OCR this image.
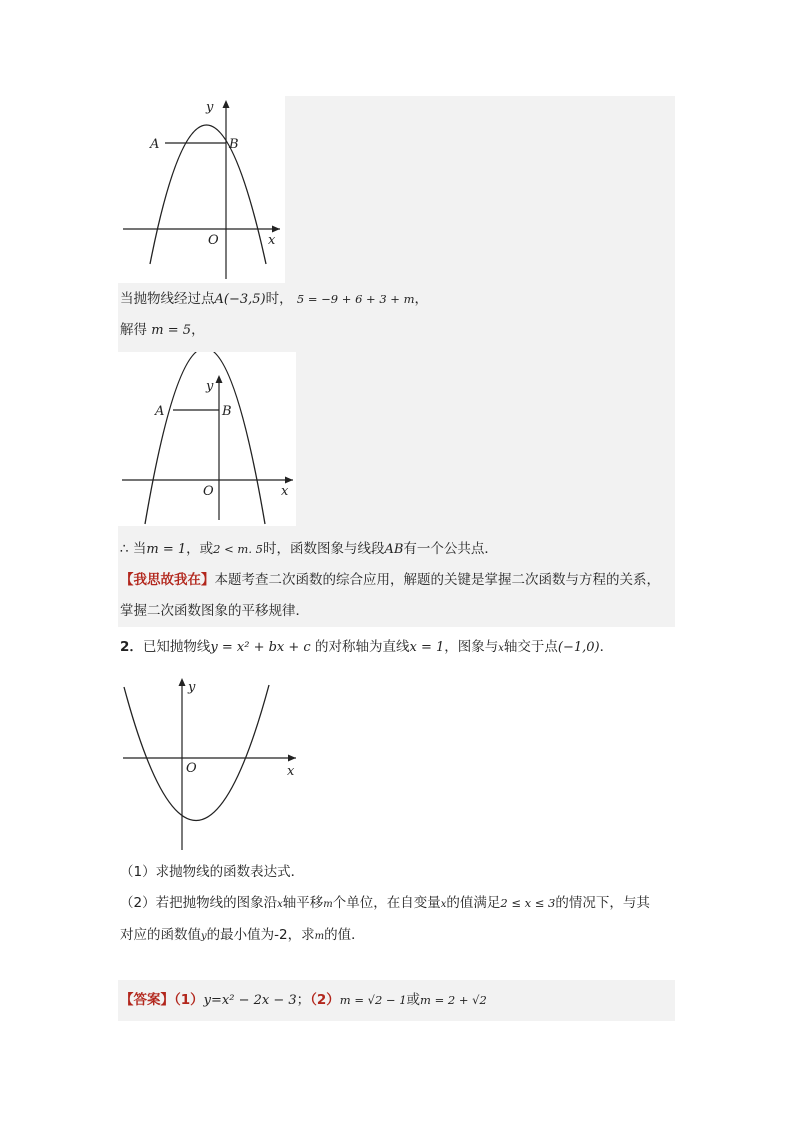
y
A	B
O	x
当抛物线经过点A(−3,5)时， 5 = −9 + 6 + 3 + m，
解得 m = 5，
y
A	B
O	x
∴ 当m = 1，或2 < m. 5时，函数图象与线段AB有一个公共点．
【我思故我在】本题考查二次函数的综合应用，解题的关键是掌握二次函数与方程的关系，
掌握二次函数图象的平移规律．
2．已知抛物线y = x² + bx + c 的对称轴为直线x = 1，图象与x轴交于点(−1,0)．
y
O	x
（1）求抛物线的函数表达式．
（2）若把抛物线的图象沿x轴平移m个单位，在自变量x的值满足2 ≤ x ≤ 3的情况下，与其
对应的函数值y的最小值为-2，求m的值．
【答案】（1）y=x² − 2x − 3；（2）m = √2 − 1或m = 2 + √2
